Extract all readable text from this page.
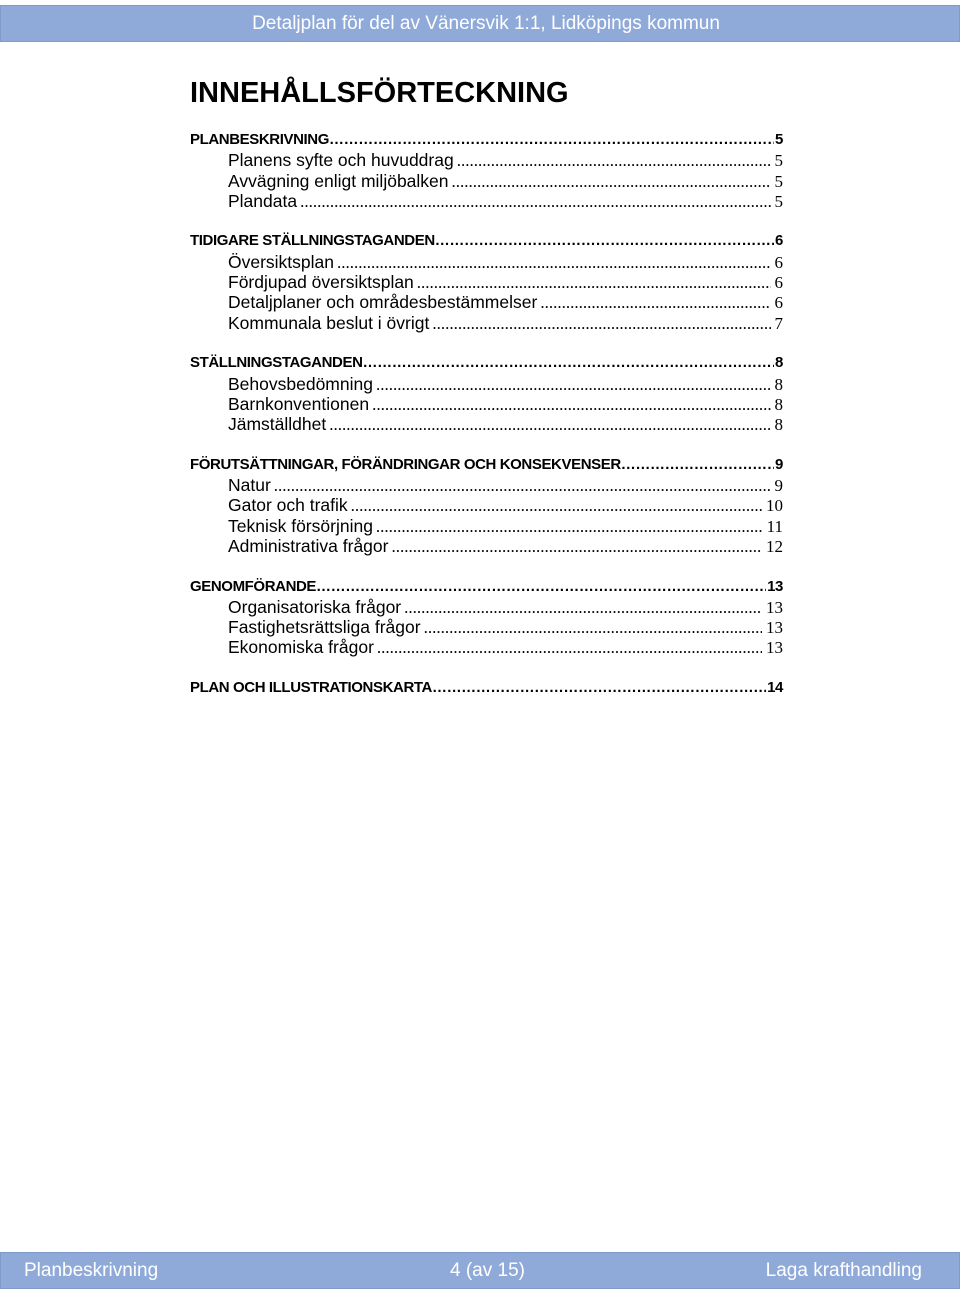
Detaljplan för del av Vänersvik 1:1, Lidköpings kommun
INNEHÅLLSFÖRTECKNING
PLANBESKRIVNING ……………………………………………………………………………………………………………………………………………………………………………………………………	5
Planens syfte och huvuddrag .....	5
Avvägning enligt miljöbalken .....	5
Plandata .....	5
TIDIGARE STÄLLNINGSTAGANDEN ……………………………………………………………………………………………………………………………………………………………………………………………………	6
Översiktsplan .....	6
Fördjupad översiktsplan .....	6
Detaljplaner och områdesbestämmelser .....	6
Kommunala beslut i övrigt .....	7
STÄLLNINGSTAGANDEN ……………………………………………………………………………………………………………………………………………………………………………………………………	8
Behovsbedömning .....	8
Barnkonventionen .....	8
Jämställdhet .....	8
FÖRUTSÄTTNINGAR, FÖRÄNDRINGAR OCH KONSEKVENSER ……………………………………………………………………………………………………………………………………………………………………………………………………	9
Natur .....	9
Gator och trafik .....	10
Teknisk försörjning .....	11
Administrativa frågor .....	12
GENOMFÖRANDE ……………………………………………………………………………………………………………………………………………………………………………………………………	13
Organisatoriska frågor .....	13
Fastighetsrättsliga frågor .....	13
Ekonomiska frågor .....	13
PLAN OCH ILLUSTRATIONSKARTA ……………………………………………………………………………………………………………………………………………………………………………………………………	14
Planbeskrivning	4 (av 15)	Laga krafthandling
